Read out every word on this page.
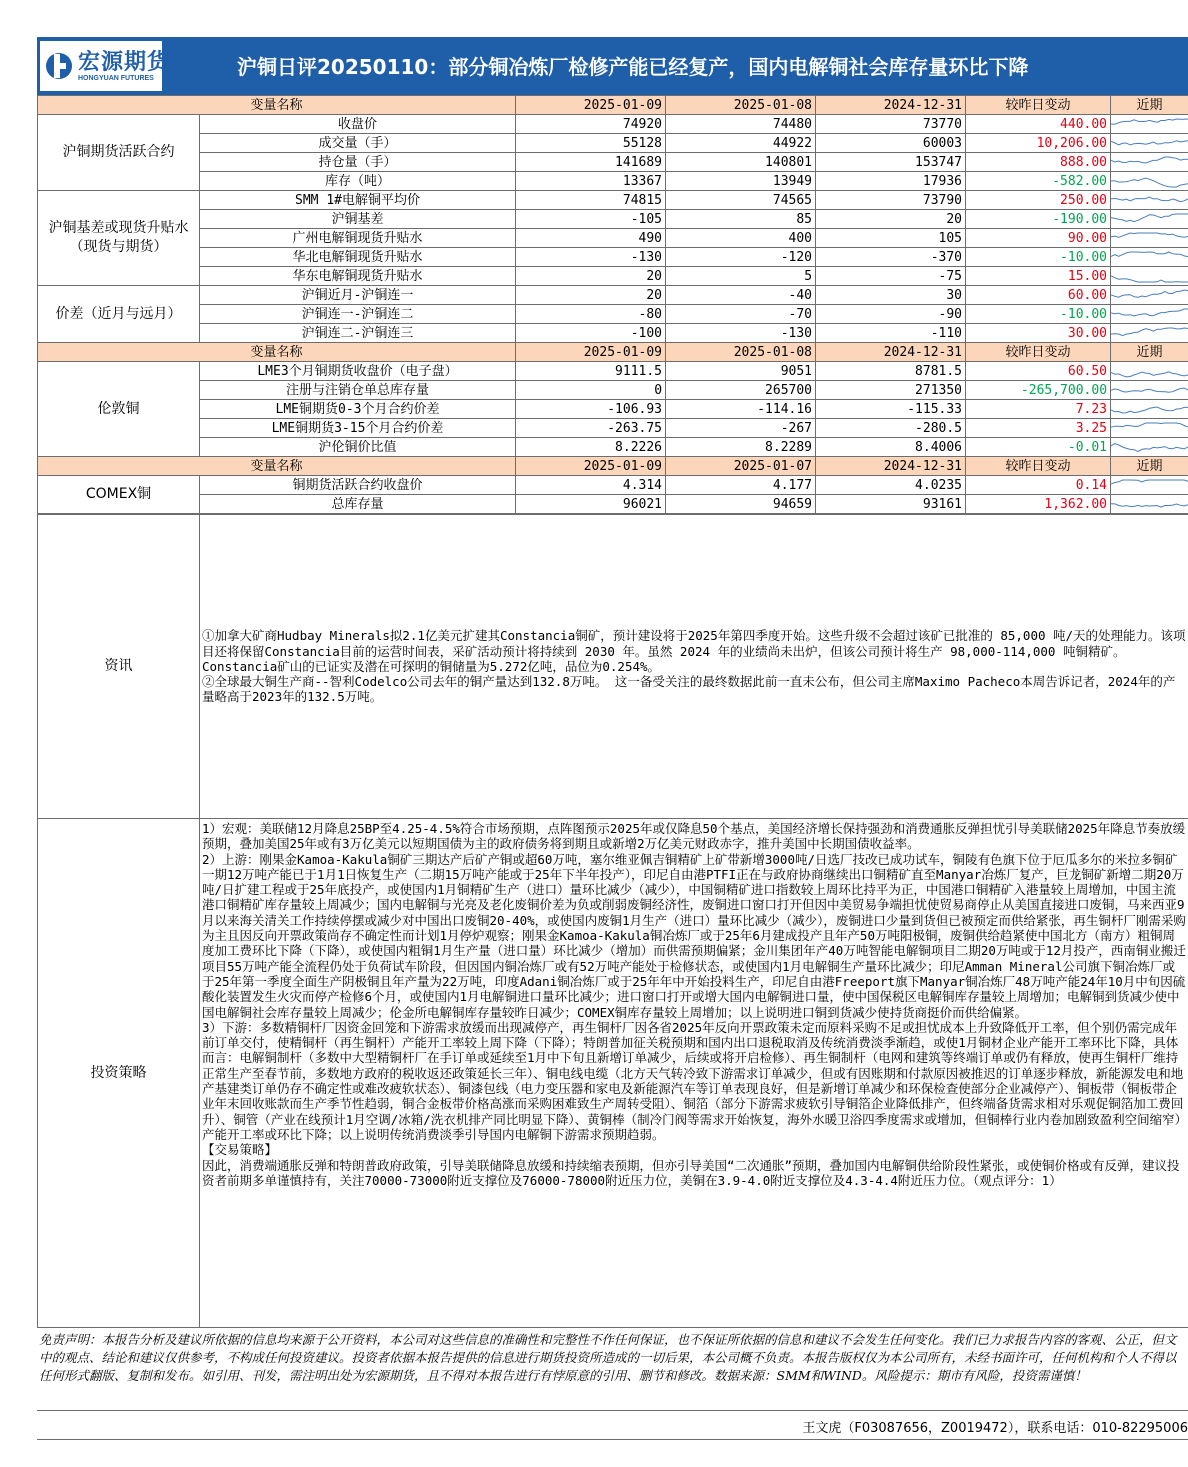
宏源期货
HONGYUAN FUTURES	沪铜日评20250110：部分铜冶炼厂检修产能已经复产，国内电解铜社会库存量环比下降
变量名称		2025-01-09	2025-01-08	2024-12-31	较昨日变动	近期
沪铜期货活跃合约	收盘价	74920	74480	73770	440.00	

	成交量（手）	55128	44922	60003	10,206.00	

	持仓量（手）	141689	140801	153747	888.00	

	库存（吨）	13367	13949	17936	-582.00	

沪铜基差或现货升贴水（现货与期货）	SMM 1#电解铜平均价	74815	74565	73790	250.00	

	沪铜基差	-105	85	20	-190.00	

	广州电解铜现货升贴水	490	400	105	90.00	

	华北电解铜现货升贴水	-130	-120	-370	-10.00	

	华东电解铜现货升贴水	20	5	-75	15.00	

价差（近月与远月）	沪铜近月-沪铜连一	20	-40	30	60.00	

	沪铜连一-沪铜连二	-80	-70	-90	-10.00	

	沪铜连二-沪铜连三	-100	-130	-110	30.00	

变量名称		2025-01-09	2025-01-08	2024-12-31	较昨日变动	近期
伦敦铜	LME3个月铜期货收盘价（电子盘）	9111.5	9051	8781.5	60.50	

	注册与注销仓单总库存量	0	265700	271350	-265,700.00	

	LME铜期货0-3个月合约价差	-106.93	-114.16	-115.33	7.23	

	LME铜期货3-15个月合约价差	-263.75	-267	-280.5	3.25	

	沪伦铜价比值	8.2226	8.2289	8.4006	-0.01	

变量名称		2025-01-09	2025-01-07	2024-12-31	较昨日变动	近期
COMEX铜	铜期货活跃合约收盘价	4.314	4.177	4.0235	0.14	

	总库存量	96021	94659	93161	1,362.00	
资讯	①加拿大矿商Hudbay Minerals拟2.1亿美元扩建其Constancia铜矿，预计建设将于2025年第四季度开始。这些升级不会超过该矿已批准的 85,000 吨/天的处理能力。该项目还将保留Constancia目前的运营时间表，采矿活动预计将持续到 2030 年。虽然 2024 年的业绩尚未出炉，但该公司预计将生产 98,000-114,000 吨铜精矿。 Constancia矿山的已证实及潜在可探明的铜储量为5.272亿吨，品位为0.254%。
②全球最大铜生产商--智利Codelco公司去年的铜产量达到132.8万吨。 这一备受关注的最终数据此前一直未公布，但公司主席Maximo Pacheco本周告诉记者，2024年的产量略高于2023年的132.5万吨。

投资策略	1）宏观：美联储12月降息25BP至4.25-4.5%符合市场预期，点阵图预示2025年或仅降息50个基点，美国经济增长保持强劲和消费通胀反弹担忧引导美联储2025年降息节奏放缓预期，叠加美国25年或有3万亿美元以短期国债为主的政府债务将到期且或新增2万亿美元财政赤字，推升美国中长期国债收益率。
2）上游：刚果金Kamoa-Kakula铜矿三期达产后矿产铜或超60万吨，塞尔维亚佩吉铜精矿上矿带新增3000吨/日选厂技改已成功试车，铜陵有色旗下位于厄瓜多尔的米拉多铜矿一期12万吨产能已于1月1日恢复生产（二期15万吨产能或于25年下半年投产），印尼自由港PTFI正在与政府协商继续出口铜精矿直至Manyar冶炼厂复产，巨龙铜矿新增二期20万吨/日扩建工程或于25年底投产，或使国内1月铜精矿生产（进口）量环比减少（减少），中国铜精矿进口指数较上周环比持平为正，中国港口铜精矿入港量较上周增加，中国主流港口铜精矿库存量较上周减少；国内电解铜与光亮及老化废铜价差为负或削弱废铜经济性，废铜进口窗口打开但因中美贸易争端担忧使贸易商停止从美国直接进口废铜，马来西亚9月以来海关清关工作持续停摆或减少对中国出口废铜20-40%，或使国内废铜1月生产（进口）量环比减少（减少），废铜进口少量到货但已被预定而供给紧张，再生铜杆厂刚需采购为主且因反向开票政策尚存不确定性而计划1月停炉观察；刚果金Kamoa-Kakula铜冶炼厂或于25年6月建成投产且年产50万吨阳极铜，废铜供给趋紧使中国北方（南方）粗铜周度加工费环比下降（下降），或使国内粗铜1月生产量（进口量）环比减少（增加）而供需预期偏紧；金川集团年产40万吨智能电解铜项目二期20万吨或于12月投产，西南铜业搬迁项目55万吨产能全流程仍处于负荷试车阶段，但因国内铜冶炼厂或有52万吨产能处于检修状态，或使国内1月电解铜生产量环比减少；印尼Amman Mineral公司旗下铜冶炼厂或于25年第一季度全面生产阴极铜且年产量为22万吨，印度Adani铜冶炼厂或于25年年中开始投料生产，印尼自由港Freeport旗下Manyar铜冶炼厂48万吨产能24年10月中旬因硫酸化装置发生火灾而停产检修6个月，或使国内1月电解铜进口量环比减少；进口窗口打开或增大国内电解铜进口量，使中国保税区电解铜库存量较上周增加；电解铜到货减少使中国电解铜社会库存量较上周减少；伦金所电解铜库存量较昨日减少；COMEX铜库存量较上周增加；以上说明进口铜到货减少使持货商挺价而供给偏紧。
3）下游：多数精铜杆厂因资金回笼和下游需求放缓而出现减停产，再生铜杆厂因各省2025年反向开票政策未定而原料采购不足或担忧成本上升致降低开工率，但个别仍需完成年前订单交付，使精铜杆（再生铜杆）产能开工率较上周下降（下降）；特朗普加征关税预期和国内出口退税取消及传统消费淡季渐趋，或使1月铜材企业产能开工率环比下降，具体而言：电解铜制杆（多数中大型精铜杆厂在手订单或延续至1月中下旬且新增订单减少，后续或将开启检修）、再生铜制杆（电网和建筑等终端订单或仍有释放，使再生铜杆厂维持正常生产至春节前，多数地方政府的税收返还政策延长三年）、铜电线电缆（北方天气转冷致下游需求订单减少，但或有因账期和付款原因被推迟的订单逐步释放，新能源发电和地产基建类订单仍存不确定性或难改疲软状态）、铜漆包线（电力变压器和家电及新能源汽车等订单表现良好，但是新增订单减少和环保检查使部分企业减停产）、铜板带（铜板带企业年末回收账款而生产季节性趋弱，铜合金板带价格高涨而采购困难致生产周转受阻）、铜箔（部分下游需求疲软引导铜箔企业降低排产，但终端备货需求相对乐观促铜箔加工费回升）、铜管（产业在线预计1月空调/冰箱/洗衣机排产同比明显下降）、黄铜棒（制冷门阀等需求开始恢复，海外水暖卫浴四季度需求或增加，但铜棒行业内卷加剧致盈利空间缩窄）产能开工率或环比下降；以上说明传统消费淡季引导国内电解铜下游需求预期趋弱。
【交易策略】
因此，消费端通胀反弹和特朗普政府政策，引导美联储降息放缓和持续缩表预期，但亦引导美国“二次通胀”预期，叠加国内电解铜供给阶段性紧张，或使铜价格或有反弹，建议投资者前期多单谨慎持有，关注70000-73000附近支撑位及76000-78000附近压力位，美铜在3.9-4.0附近支撑位及4.3-4.4附近压力位。（观点评分：1）
免责声明：本报告分析及建议所依据的信息均来源于公开资料，本公司对这些信息的准确性和完整性不作任何保证，也不保证所依据的信息和建议不会发生任何变化。我们已力求报告内容的客观、公正，但文中的观点、结论和建议仅供参考，不构成任何投资建议。投资者依据本报告提供的信息进行期货投资所造成的一切后果，本公司概不负责。本报告版权仅为本公司所有，未经书面许可，任何机构和个人不得以任何形式翻版、复制和发布。如引用、刊发，需注明出处为宏源期货，且不得对本报告进行有悖原意的引用、删节和修改。数据来源：SMM和WIND。风险提示：期市有风险，投资需谨慎！
王文虎（F03087656，Z0019472），联系电话：010-82295006
